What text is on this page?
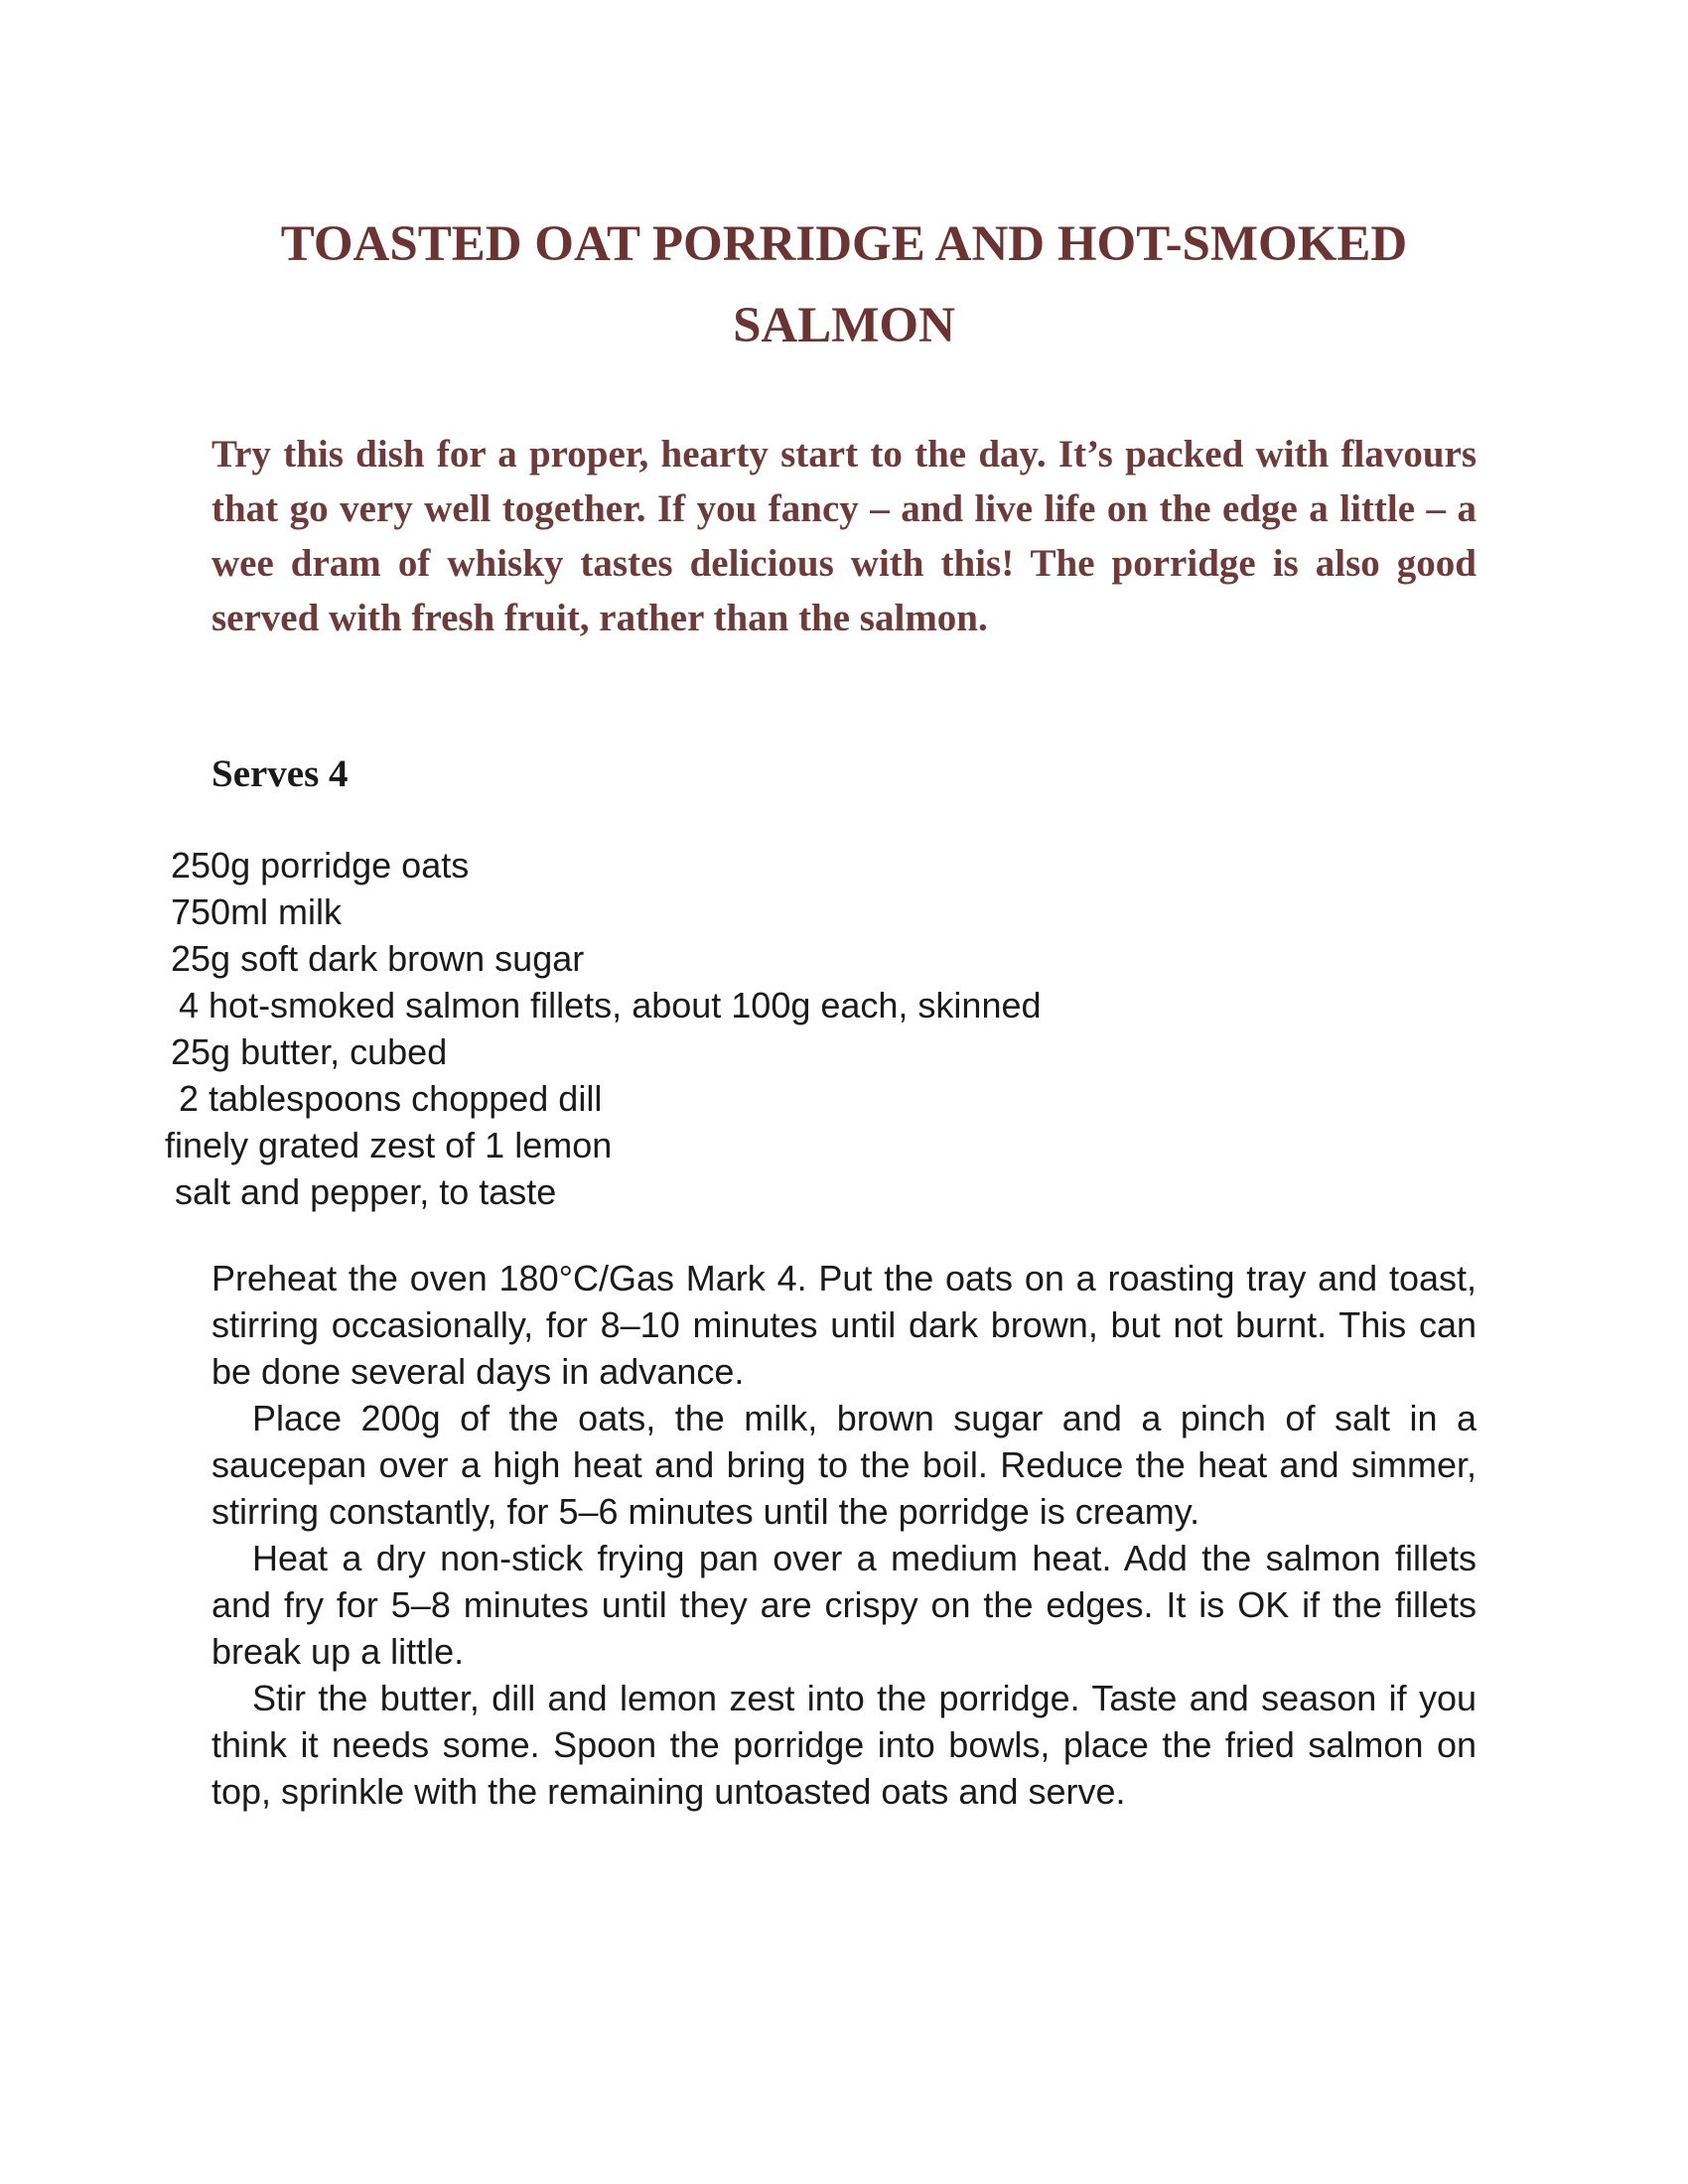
TOASTED OAT PORRIDGE AND HOT-SMOKED SALMON

Try this dish for a proper, hearty start to the day. It’s packed with flavours that go very well together. If you fancy – and live life on the edge a little – a wee dram of whisky tastes delicious with this! The porridge is also good served with fresh fruit, rather than the salmon.

Serves 4

250g porridge oats
750ml milk
25g soft dark brown sugar
4 hot-smoked salmon fillets, about 100g each, skinned
25g butter, cubed
2 tablespoons chopped dill
finely grated zest of 1 lemon
salt and pepper, to taste

Preheat the oven 180°C/Gas Mark 4. Put the oats on a roasting tray and toast, stirring occasionally, for 8–10 minutes until dark brown, but not burnt. This can be done several days in advance.

Place 200g of the oats, the milk, brown sugar and a pinch of salt in a saucepan over a high heat and bring to the boil. Reduce the heat and simmer, stirring constantly, for 5–6 minutes until the porridge is creamy.

Heat a dry non-stick frying pan over a medium heat. Add the salmon fillets and fry for 5–8 minutes until they are crispy on the edges. It is OK if the fillets break up a little.

Stir the butter, dill and lemon zest into the porridge. Taste and season if you think it needs some. Spoon the porridge into bowls, place the fried salmon on top, sprinkle with the remaining untoasted oats and serve.
